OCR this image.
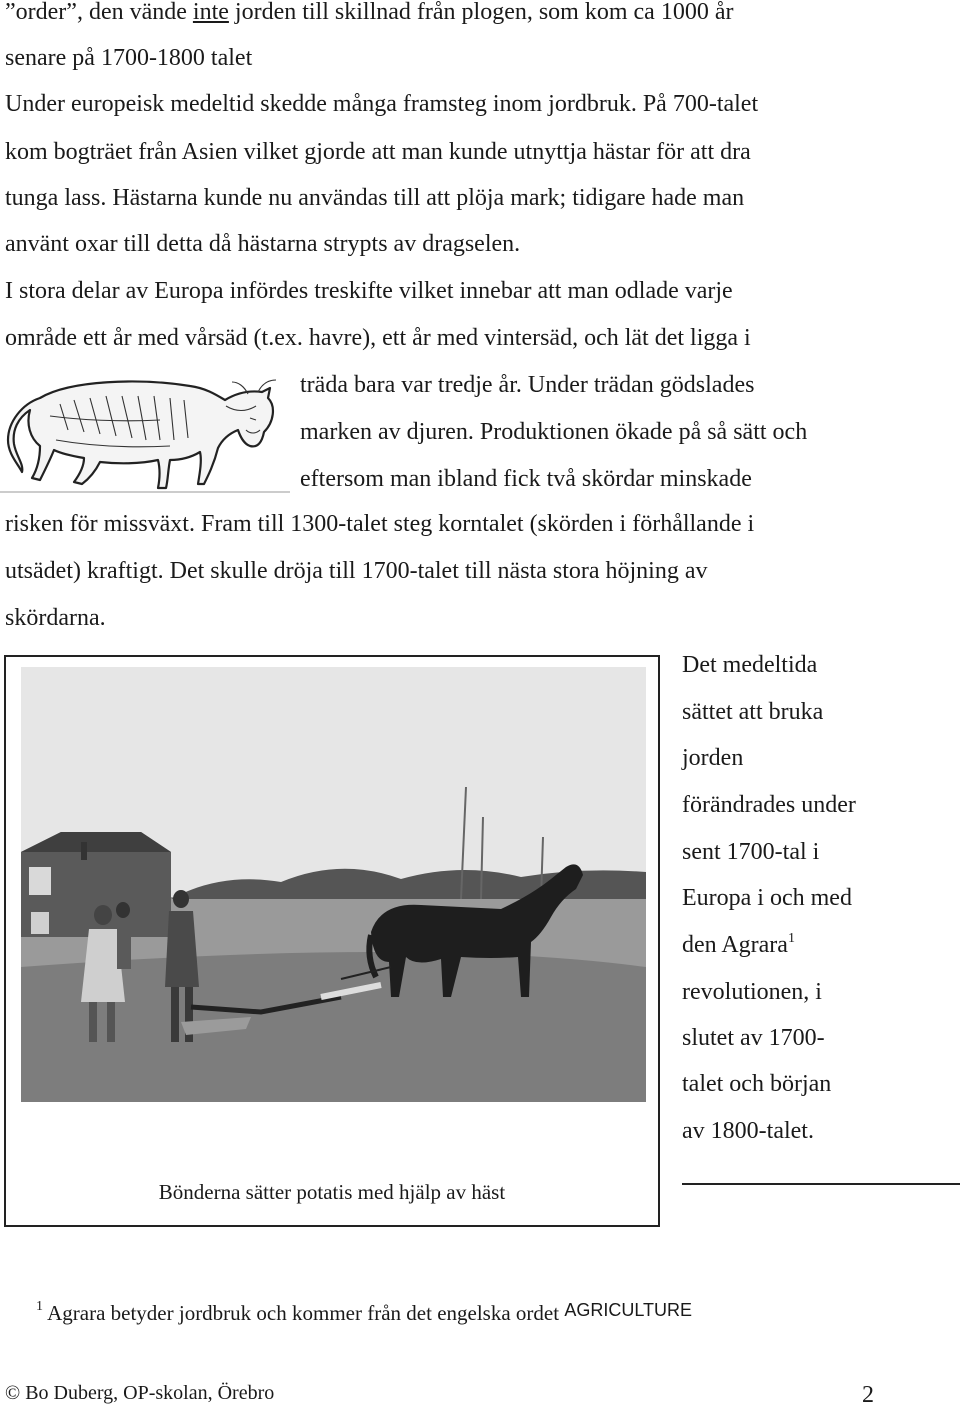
”order”, den vände inte jorden till skillnad från plogen, som kom ca 1000 år
senare på 1700-1800 talet
Under europeisk medeltid skedde många framsteg inom jordbruk. På 700-talet
kom bogträet från Asien vilket gjorde att man kunde utnyttja hästar för att dra
tunga lass. Hästarna kunde nu användas till att plöja mark; tidigare hade man
använt oxar till detta då hästarna strypts av dragselen.
I stora delar av Europa infördes treskifte vilket innebar att man odlade varje
område ett år med vårsäd (t.ex. havre), ett år med vintersäd, och lät det ligga i
träda bara var tredje år. Under trädan gödslades
marken av djuren. Produktionen ökade på så sätt och
eftersom man ibland fick två skördar minskade
risken för missväxt. Fram till 1300-talet steg korntalet (skörden i förhållande i
utsädet) kraftigt. Det skulle dröja till 1700-talet till nästa stora höjning av
skördarna.
Bönderna sätter potatis med hjälp av häst
Det medeltida
sättet att bruka
jorden
förändrades under
sent 1700-tal i
Europa i och med
den Agrara$^1$
revolutionen, i
slutet av 1700-
talet och början
av 1800-talet.
$^1$ Agrara betyder jordbruk och kommer från det engelska ordet AGRICULTURE
© Bo Duberg, OP-skolan, Örebro	2
